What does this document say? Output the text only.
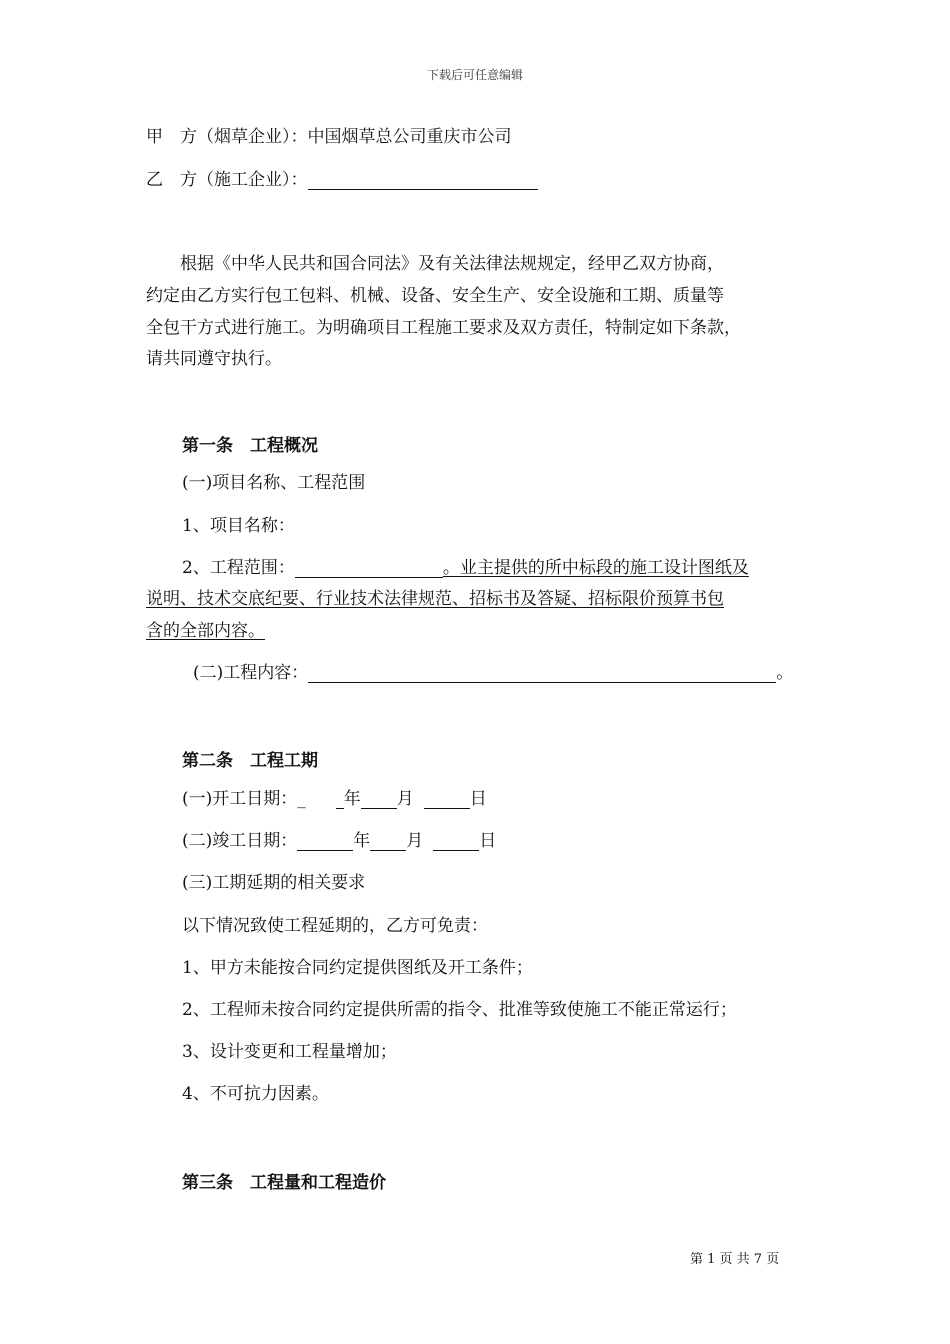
下载后可任意编辑
甲　方（烟草企业）：中国烟草总公司重庆市公司
乙　方（施工企业）：
根据《中华人民共和国合同法》及有关法律法规规定，经甲乙双方协商，
约定由乙方实行包工包料、机械、设备、安全生产、安全设施和工期、质量等
全包干方式进行施工。为明确项目工程施工要求及双方责任，特制定如下条款，
请共同遵守执行。
第一条　工程概况
(一)项目名称、工程范围
1、项目名称：
2、工程范围：	。业主提供的所中标段的施工设计图纸及
说明、技术交底纪要、行业技术法律规范、招标书及答疑、招标限价预算书包
含的全部内容。
(二)工程内容：	。
第二条　工程工期
(一)开工日期：_ 年 月	日
(二)竣工日期：	年 月	日
(三)工期延期的相关要求
以下情况致使工程延期的，乙方可免责：
1、甲方未能按合同约定提供图纸及开工条件；
2、工程师未按合同约定提供所需的指令、批准等致使施工不能正常运行；
3、设计变更和工程量增加；
4、不可抗力因素。
第三条　工程量和工程造价
第 1 页 共 7 页
